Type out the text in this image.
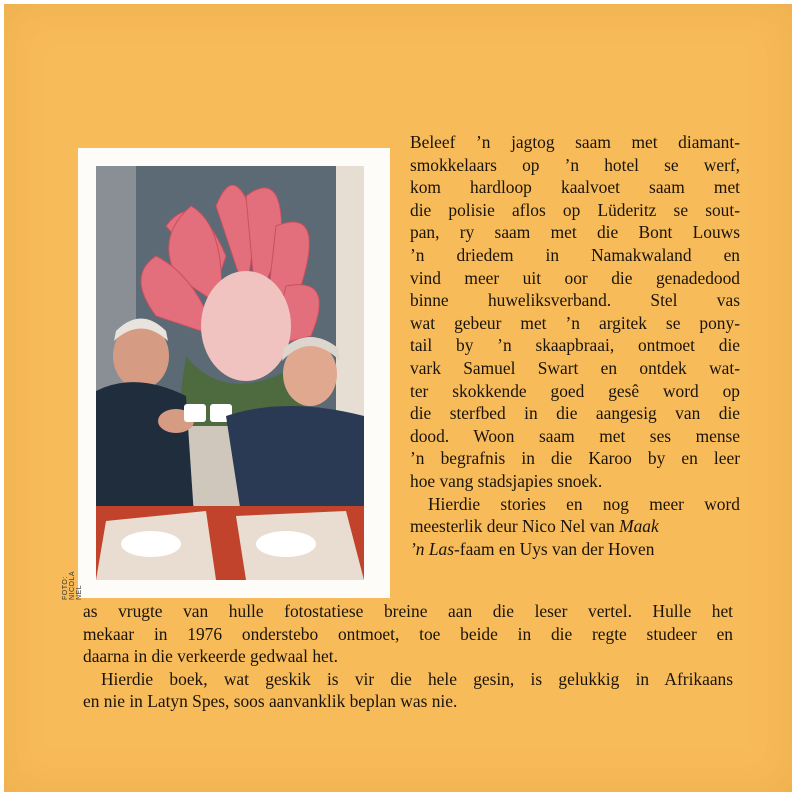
FOTO: NICOLA NEL
Beleef ’n jagtog saam met diamant-
smokkelaars op ’n hotel se werf,
kom hardloop kaalvoet saam met
die polisie aflos op Lüderitz se sout-
pan, ry saam met die Bont Louws
’n driedem in Namakwaland en
vind meer uit oor die genadedood
binne huweliksverband. Stel vas
wat gebeur met ’n argitek se pony-
tail by ’n skaapbraai, ontmoet die
vark Samuel Swart en ontdek wat-
ter skokkende goed gesê word op
die sterfbed in die aangesig van die
dood. Woon saam met ses mense
’n begrafnis in die Karoo by en leer
hoe vang stadsjapies snoek.
Hierdie stories en nog meer word
meesterlik deur Nico Nel van Maak
’n Las-faam en Uys van der Hoven
as vrugte van hulle fotostatiese breine aan die leser vertel. Hulle het
mekaar in 1976 onderstebo ontmoet, toe beide in die regte studeer en
daarna in die verkeerde gedwaal het.
Hierdie boek, wat geskik is vir die hele gesin, is gelukkig in Afrikaans
en nie in Latyn Spes, soos aanvanklik beplan was nie.
